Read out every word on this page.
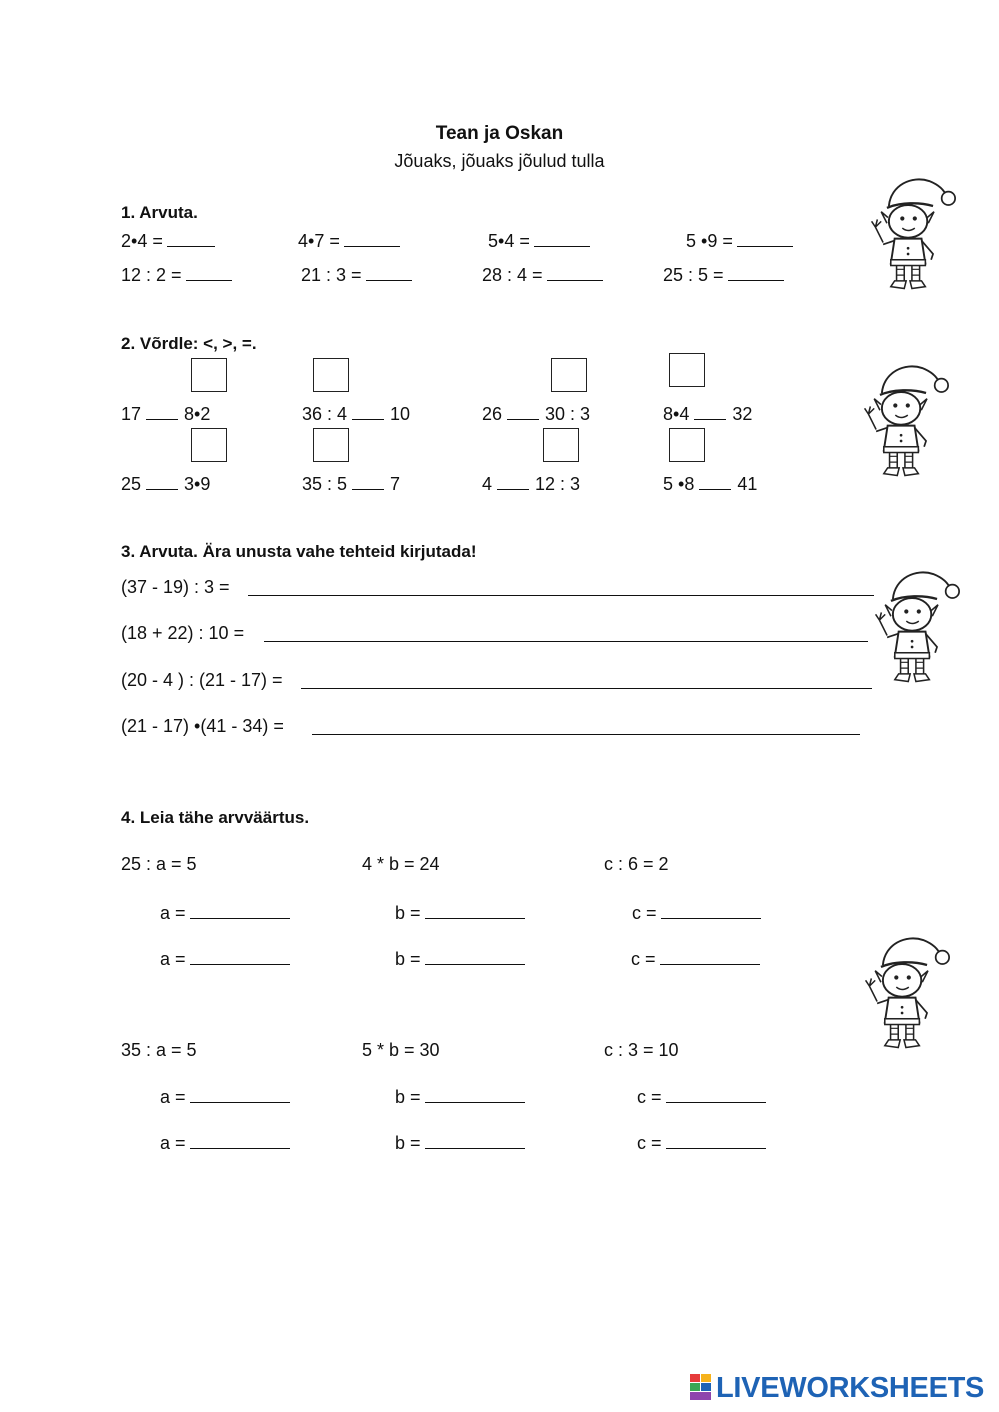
Tean ja Oskan
Jõuaks, jõuaks jõulud tulla
1. Arvuta.
2•4 =	4•7 =	5•4 =	5 •9 =
12 : 2 =	21 : 3 =	28 : 4 =	25 : 5 =
2. Võrdle: <, >, =.
17 8•2	36 : 4 10	26 30 : 3	8•4 32
25 3•9	35 : 5 7	4 12 : 3	5 •8 41
3. Arvuta. Ära unusta vahe tehteid kirjutada!
(37 - 19) : 3 =
(18 + 22) : 10 =
(20 - 4 ) : (21 - 17) =
(21 - 17) •(41 - 34) =
4. Leia tähe arvväärtus.
25 : a = 5	4 * b = 24	c : 6 = 2
a =	b =	c =
a =	b =	c =
35 : a = 5	5 * b = 30	c : 3 = 10
a =	b =	c =
a =	b =	c =
LIVEWORKSHEETS
